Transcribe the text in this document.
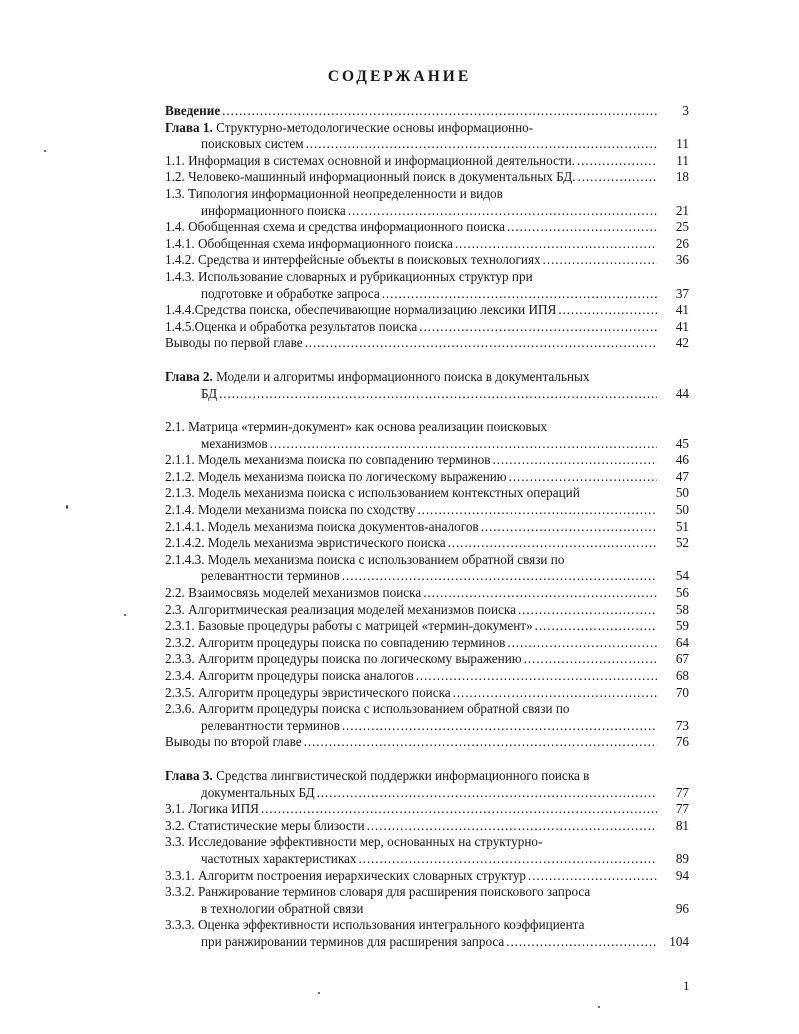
СОДЕРЖАНИЕ
Введение . . .	3
Глава 1. Структурно-методологические основы информационно-
поисковых систем . . .	11
1.1. Информация в системах основной и информационной деятельности. . . .	11
1.2. Человеко-машинный информационный поиск в документальных БД. . . .	18
1.3. Типология информационной неопределенности и видов
информационного поиска . . .	21
1.4. Обобщенная схема и средства информационного поиска . . .	25
1.4.1. Обобщенная схема информационного поиска . . .	26
1.4.2. Средства и интерфейсные объекты в поисковых технологиях . . .	36
1.4.3. Использование словарных и рубрикационных структур при
подготовке и обработке запроса . . .	37
1.4.4.Средства поиска, обеспечивающие нормализацию лексики ИПЯ . . .	41
1.4.5.Оценка и обработка результатов поиска . . .	41
Выводы по первой главе . . .	42
Глава 2. Модели и алгоритмы информационного поиска в документальных
БД . . .	44
2.1. Матрица «термин-документ» как основа реализации поисковых
механизмов . . .	45
2.1.1. Модель механизма поиска по совпадению терминов . . .	46
2.1.2. Модель механизма поиска по логическому выражению . . .	47
2.1.3. Модель механизма поиска с использованием контекстных операций	50
2.1.4. Модели механизма поиска по сходству . . .	50
2.1.4.1. Модель механизма поиска документов-аналогов . . .	51
2.1.4.2. Модель механизма эвристического поиска . . .	52
2.1.4.3. Модель механизма поиска с использованием обратной связи по
релевантности терминов . . .	54
2.2. Взаимосвязь моделей механизмов поиска . . .	56
2.3. Алгоритмическая реализация моделей механизмов поиска . . .	58
2.3.1. Базовые процедуры работы с матрицей «термин-документ» . . .	59
2.3.2. Алгоритм процедуры поиска по совпадению терминов . . .	64
2.3.3. Алгоритм процедуры поиска по логическому выражению . . .	67
2.3.4. Алгоритм процедуры поиска аналогов . . .	68
2.3.5. Алгоритм процедуры эвристического поиска . . .	70
2.3.6. Алгоритм процедуры поиска с использованием обратной связи по
релевантности терминов . . .	73
Выводы по второй главе . . .	76
Глава 3. Средства лингвистической поддержки информационного поиска в
документальных БД . . .	77
3.1. Логика ИПЯ . . .	77
3.2. Статистические меры близости . . .	81
3.3. Исследование эффективности мер, основанных на структурно-
частотных характеристиках . . .	89
3.3.1. Алгоритм построения иерархических словарных структур . . .	94
3.3.2. Ранжирование терминов словаря для расширения поискового запроса
в технологии обратной связи	96
3.3.3. Оценка эффективности использования интегрального коэффициента
при ранжировании терминов для расширения запроса . . .	104
1
